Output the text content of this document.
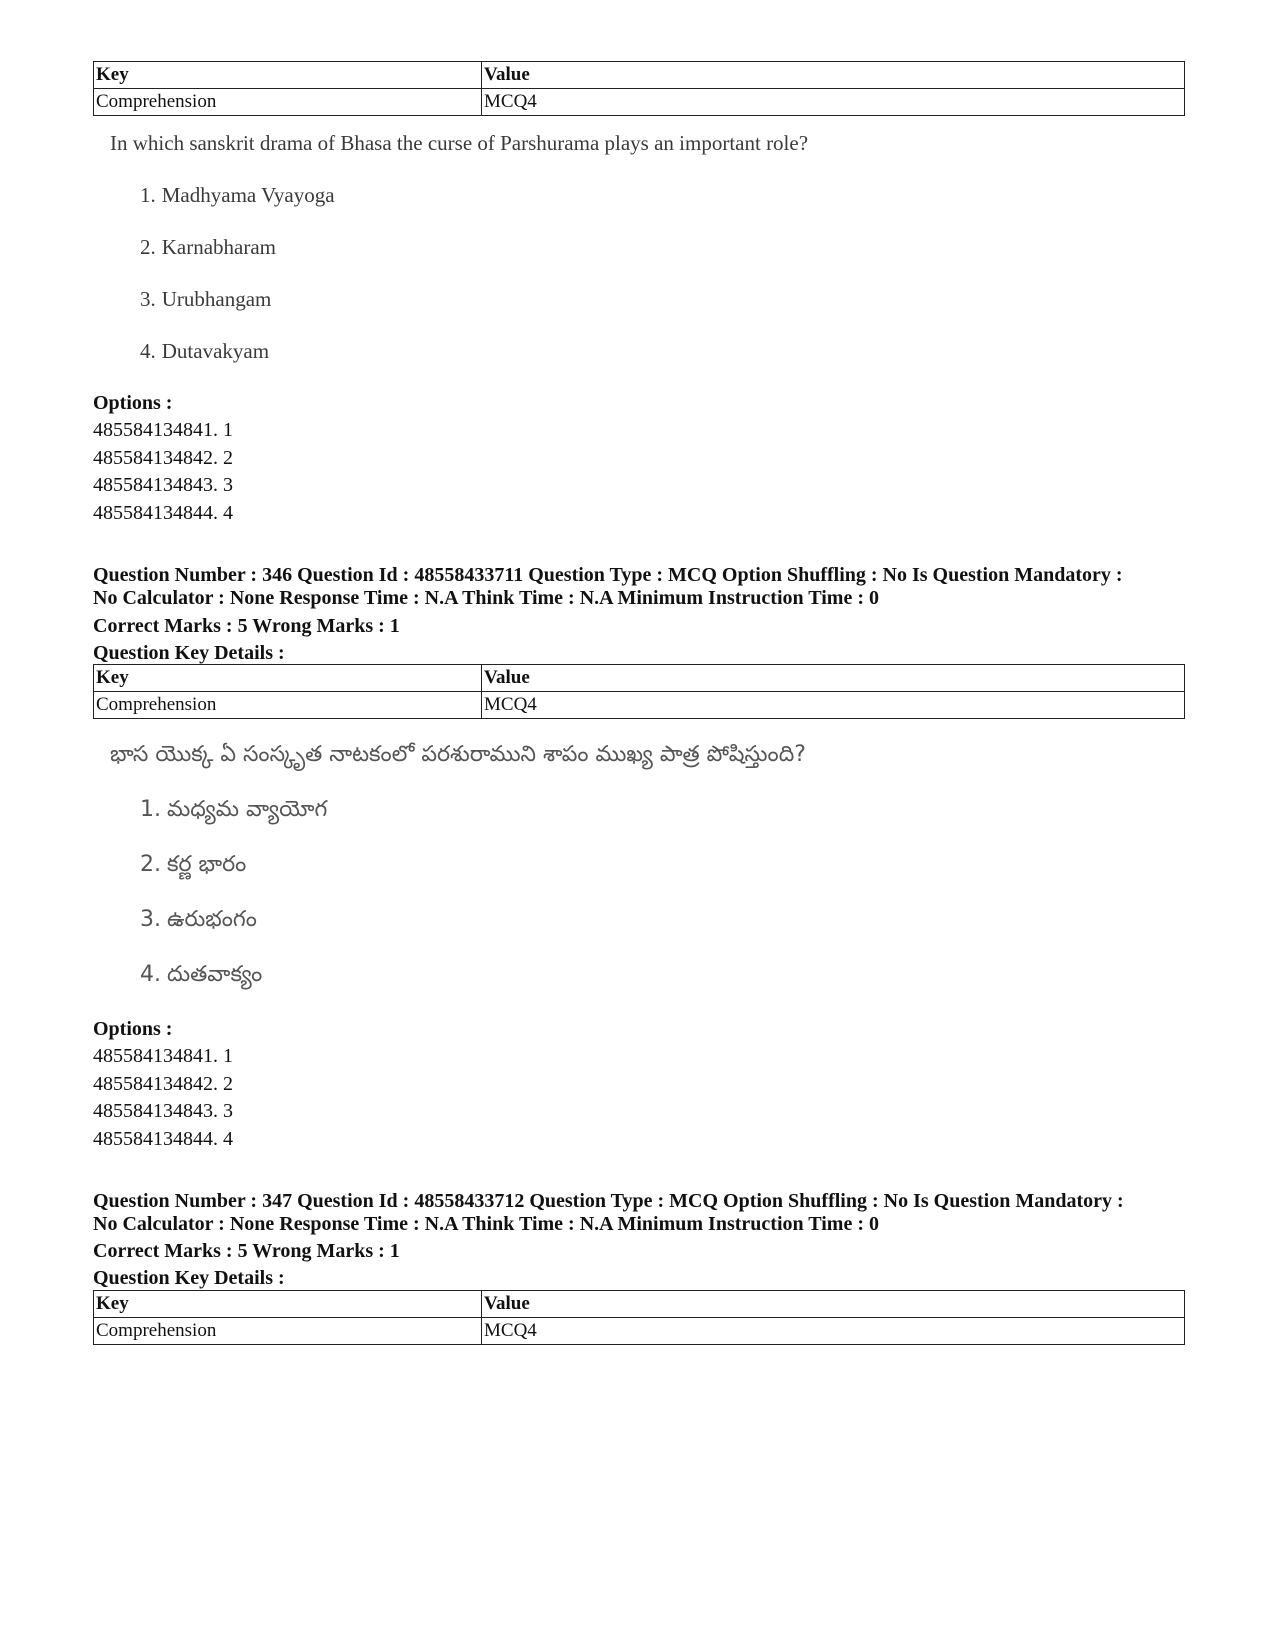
Key	Value
Comprehension	MCQ4
In which sanskrit drama of Bhasa the curse of Parshurama plays an important role?
1. Madhyama Vyayoga
2. Karnabharam
3. Urubhangam
4. Dutavakyam
Options :
485584134841. 1
485584134842. 2
485584134843. 3
485584134844. 4
Question Number : 346 Question Id : 48558433711 Question Type : MCQ Option Shuffling : No Is Question Mandatory :
No Calculator : None Response Time : N.A Think Time : N.A Minimum Instruction Time : 0
Correct Marks : 5 Wrong Marks : 1
Question Key Details :
Key	Value
Comprehension	MCQ4
భాస యొక్క ఏ సంస్కృత నాటకంలో పరశురాముని శాపం ముఖ్య పాత్ర పోషిస్తుంది?
1. మధ్యమ వ్యాయోగ
2. కర్ణ భారం
3. ఉరుభంగం
4. దుతవాక్యం
Options :
485584134841. 1
485584134842. 2
485584134843. 3
485584134844. 4
Question Number : 347 Question Id : 48558433712 Question Type : MCQ Option Shuffling : No Is Question Mandatory :
No Calculator : None Response Time : N.A Think Time : N.A Minimum Instruction Time : 0
Correct Marks : 5 Wrong Marks : 1
Question Key Details :
Key	Value
Comprehension	MCQ4
